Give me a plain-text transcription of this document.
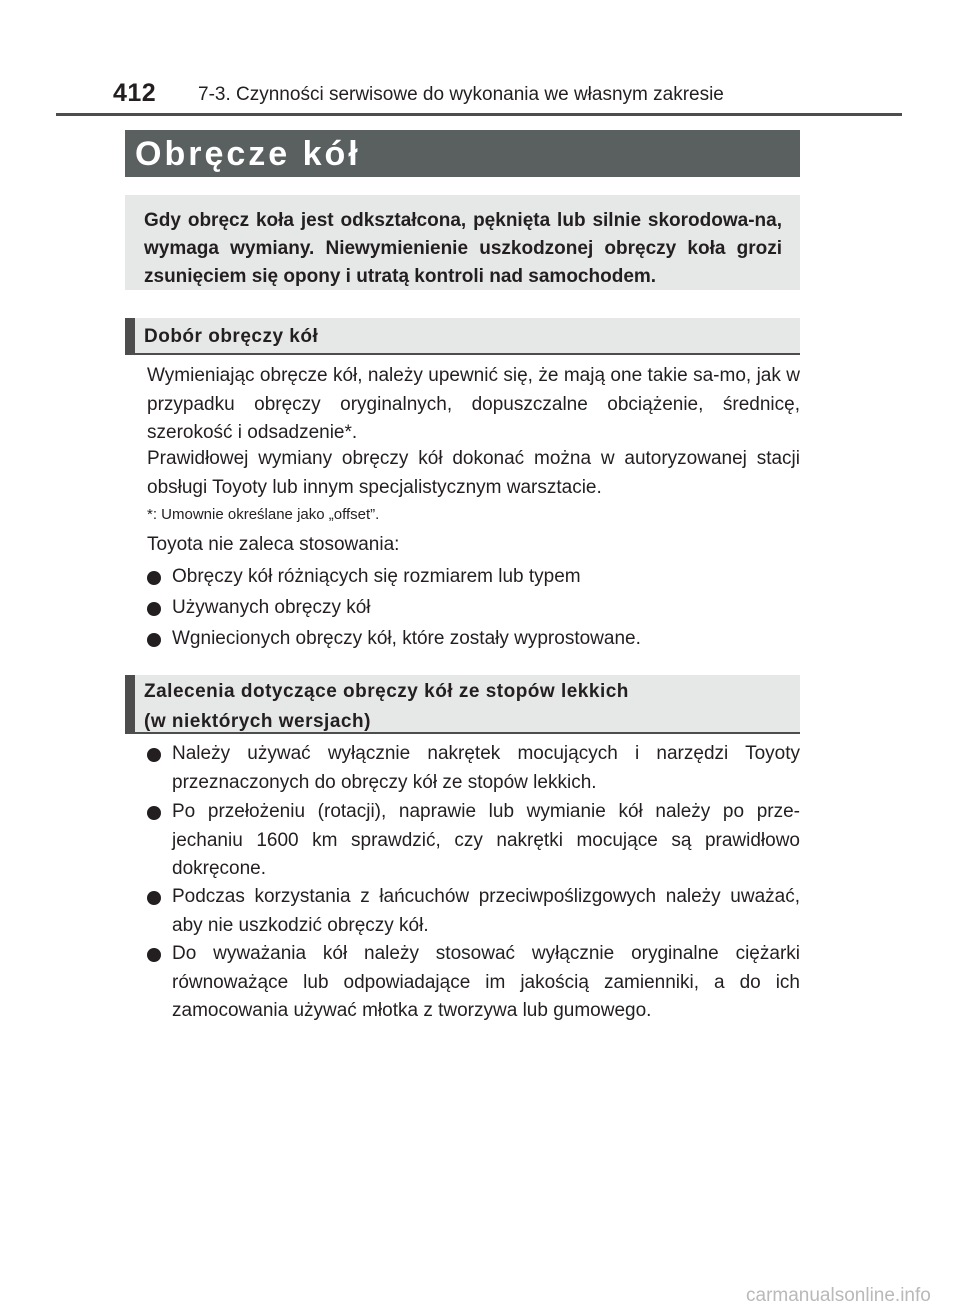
412 7-3. Czynności serwisowe do wykonania we własnym zakresie
Obręcze kół

Gdy obręcz koła jest odkształcona, pęknięta lub silnie skorodowa-na, wymaga wymiany. Niewymienienie uszkodzonej obręczy koła grozi zsunięciem się opony i utratą kontroli nad samochodem.

Dobór obręczy kół
Wymieniając obręcze kół, należy upewnić się, że mają one takie sa-mo, jak w przypadku obręczy oryginalnych, dopuszczalne obciążenie, średnicę, szerokość i odsadzenie*.
Prawidłowej wymiany obręczy kół dokonać można w autoryzowanej stacji obsługi Toyoty lub innym specjalistycznym warsztacie.
*: Umownie określane jako „offset”.
Toyota nie zaleca stosowania:
Obręczy kół różniących się rozmiarem lub typem
Używanych obręczy kół
Wgniecionych obręczy kół, które zostały wyprostowane.
Zalecenia dotyczące obręczy kół ze stopów lekkich
(w niektórych wersjach)
Należy używać wyłącznie nakrętek mocujących i narzędzi Toyoty przeznaczonych do obręczy kół ze stopów lekkich.
Po przełożeniu (rotacji), naprawie lub wymianie kół należy po prze-jechaniu 1600 km sprawdzić, czy nakrętki mocujące są prawidłowo dokręcone.
Podczas korzystania z łańcuchów przeciwpoślizgowych należy uważać, aby nie uszkodzić obręczy kół.
Do wyważania kół należy stosować wyłącznie oryginalne ciężarki równoważące lub odpowiadające im jakością zamienniki, a do ich zamocowania używać młotka z tworzywa lub gumowego.
carmanualsonline.info
